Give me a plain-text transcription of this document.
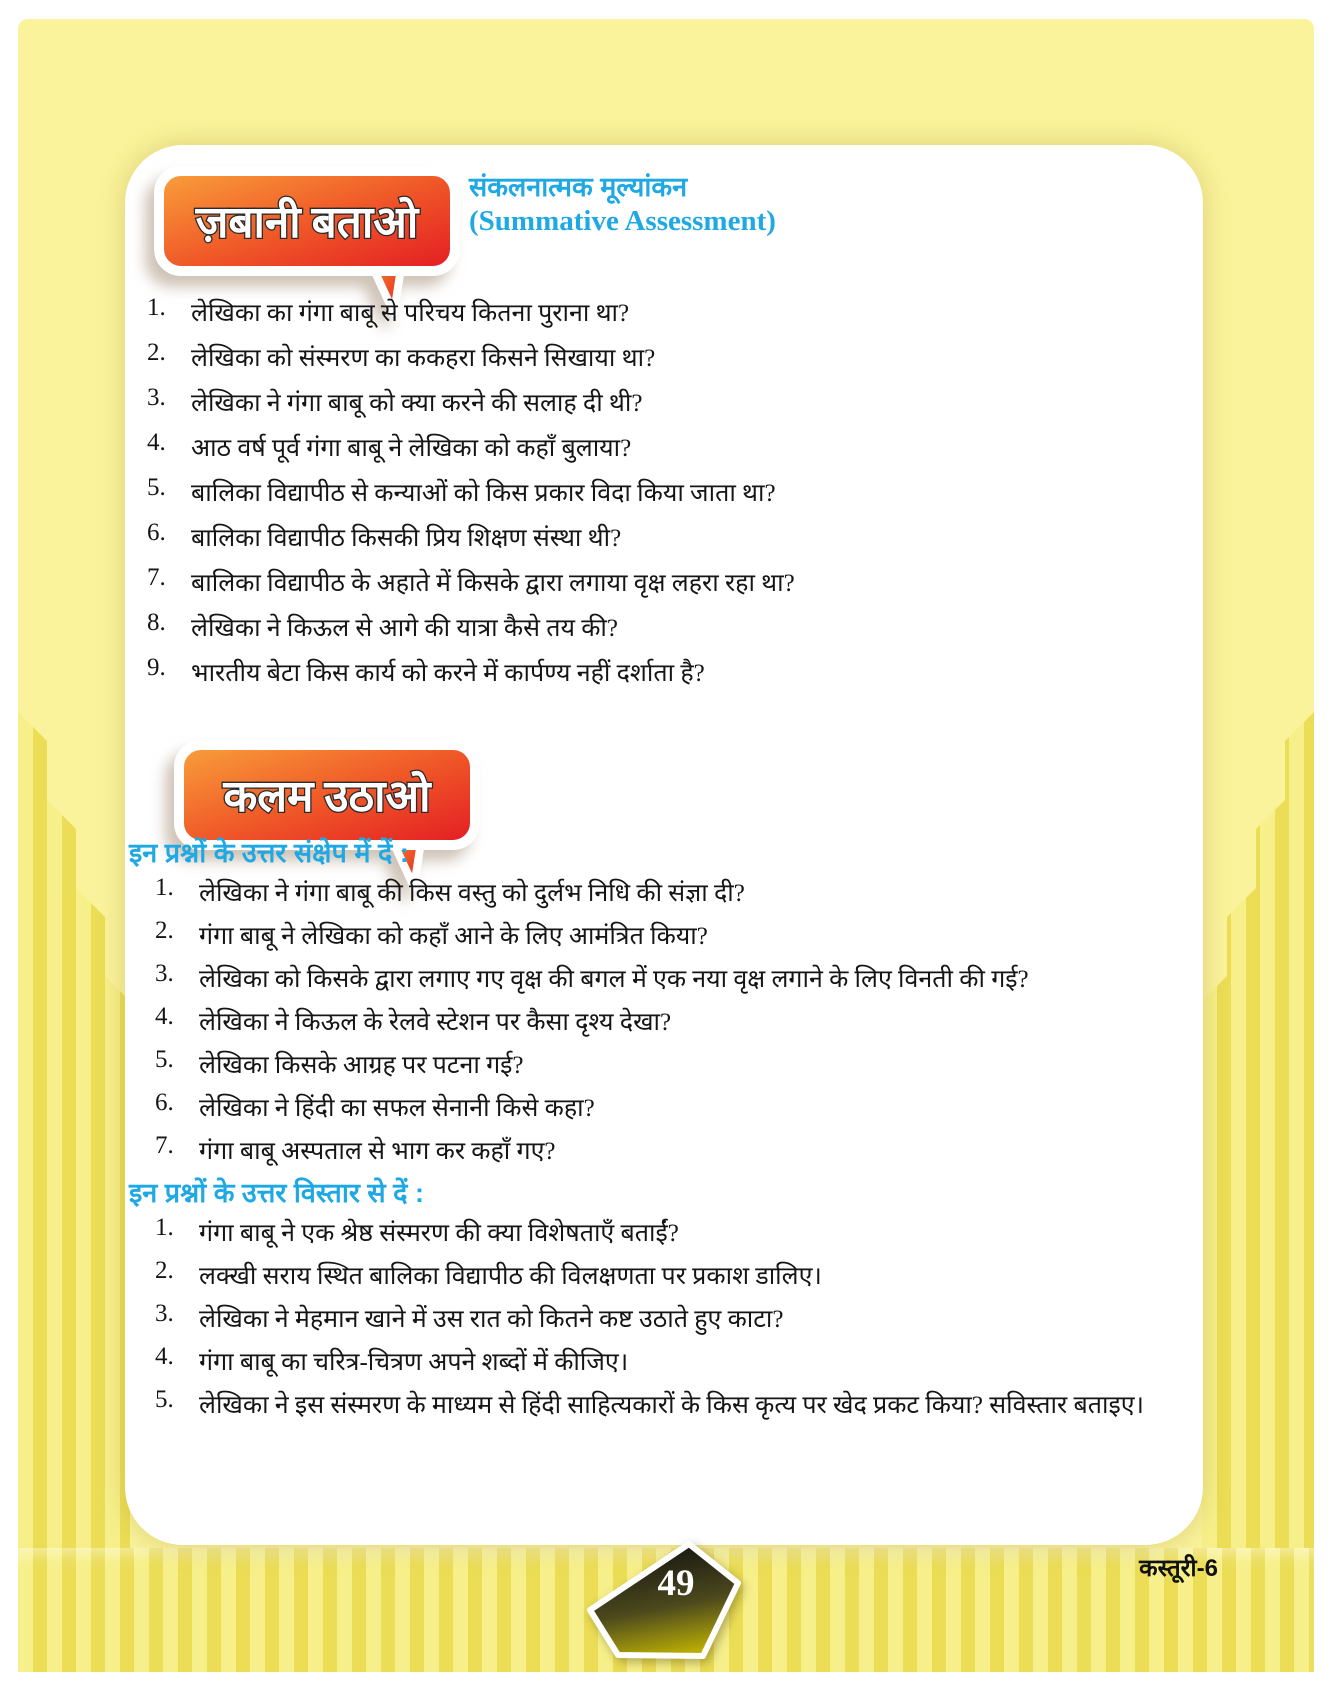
ज़बानी बताओ
संकलनात्मक मूल्यांकन
(Summative Assessment)
1.	लेखिका का गंगा बाबू से परिचय कितना पुराना था?
2.	लेखिका को संस्मरण का ककहरा किसने सिखाया था?
3.	लेखिका ने गंगा बाबू को क्या करने की सलाह दी थी?
4.	आठ वर्ष पूर्व गंगा बाबू ने लेखिका को कहाँ बुलाया?
5.	बालिका विद्यापीठ से कन्याओं को किस प्रकार विदा किया जाता था?
6.	बालिका विद्यापीठ किसकी प्रिय शिक्षण संस्था थी?
7.	बालिका विद्यापीठ के अहाते में किसके द्वारा लगाया वृक्ष लहरा रहा था?
8.	लेखिका ने किऊल से आगे की यात्रा कैसे तय की?
9.	भारतीय बेटा किस कार्य को करने में कार्पण्य नहीं दर्शाता है?
कलम उठाओ
इन प्रश्नों के उत्तर संक्षेप में दें :
1.	लेखिका ने गंगा बाबू की किस वस्तु को दुर्लभ निधि की संज्ञा दी?
2.	गंगा बाबू ने लेखिका को कहाँ आने के लिए आमंत्रित किया?
3.	लेखिका को किसके द्वारा लगाए गए वृक्ष की बगल में एक नया वृक्ष लगाने के लिए विनती की गई?
4.	लेखिका ने किऊल के रेलवे स्टेशन पर कैसा दृश्य देखा?
5.	लेखिका किसके आग्रह पर पटना गई?
6.	लेखिका ने हिंदी का सफल सेनानी किसे कहा?
7.	गंगा बाबू अस्पताल से भाग कर कहाँ गए?
इन प्रश्नों के उत्तर विस्तार से दें :
1.	गंगा बाबू ने एक श्रेष्ठ संस्मरण की क्या विशेषताएँ बताईं?
2.	लक्खी सराय स्थित बालिका विद्यापीठ की विलक्षणता पर प्रकाश डालिए।
3.	लेखिका ने मेहमान खाने में उस रात को कितने कष्ट उठाते हुए काटा?
4.	गंगा बाबू का चरित्र-चित्रण अपने शब्दों में कीजिए।
5.	लेखिका ने इस संस्मरण के माध्यम से हिंदी साहित्यकारों के किस कृत्य पर खेद प्रकट किया? सविस्तार बताइए।
49	कस्तूरी-6
